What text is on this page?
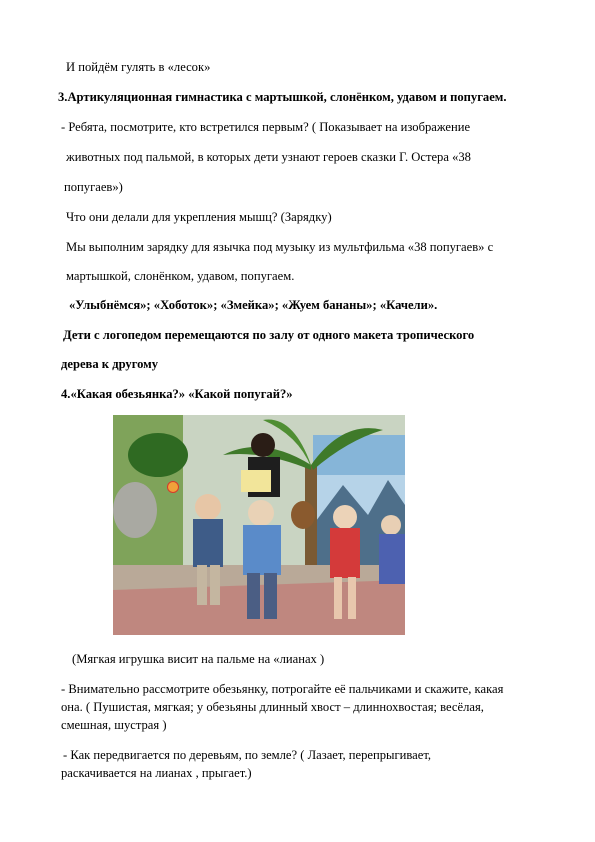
И пойдём гулять в «лесок»
3.Артикуляционная гимнастика с мартышкой, слонёнком, удавом и попугаем.
- Ребята, посмотрите, кто встретился первым? ( Показывает на изображение
животных под пальмой, в которых дети узнают героев сказки Г. Остера «38
попугаев»)
Что они делали для укрепления мышц? (Зарядку)
Мы выполним зарядку для язычка под музыку из мультфильма «38 попугаев» с
мартышкой, слонёнком, удавом, попугаем.
«Улыбнёмся»; «Хоботок»; «Змейка»; «Жуем бананы»; «Качели».
Дети с логопедом перемещаются по залу от одного макета тропического
дерева к другому
4.«Какая обезьянка?» «Какой попугай?»
(Мягкая игрушка висит на пальме на «лианах )
- Внимательно рассмотрите обезьянку, потрогайте её пальчиками и скажите, какая
она. ( Пушистая, мягкая; у обезьяны длинный хвост – длиннохвостая; весёлая,
смешная, шустрая )
- Как передвигается по деревьям, по земле? ( Лазает, перепрыгивает,
раскачивается на лианах , прыгает.)
